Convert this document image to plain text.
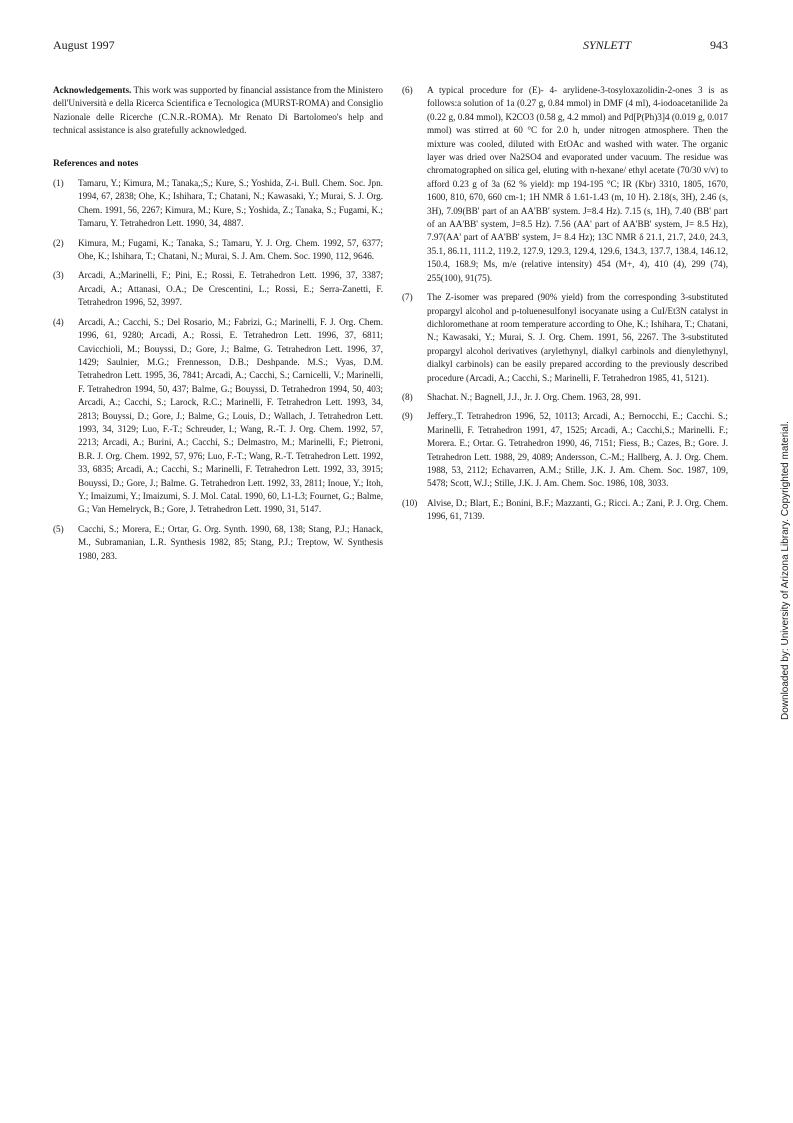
August 1997	SYNLETT	943

Acknowledgements. This work was supported by financial assistance from the Ministero dell'Università e della Ricerca Scientifica e Tecnologica (MURST-ROMA) and Consiglio Nazionale delle Ricerche (C.N.R.-ROMA). Mr Renato Di Bartolomeo's help and technical assistance is also gratefully acknowledged.

References and notes
(1)	Tamaru, Y.; Kimura, M.; Tanaka,;S,; Kure, S.; Yoshida, Z-i. Bull. Chem. Soc. Jpn. 1994, 67, 2838; Ohe, K.; Ishihara, T.; Chatani, N.; Kawasaki, Y.; Murai, S. J. Org. Chem. 1991, 56, 2267; Kimura, M.; Kure, S.; Yoshida, Z.; Tanaka, S.; Fugami, K.; Tamaru, Y. Tetrahedron Lett. 1990, 34, 4887.
(2)	Kimura, M.; Fugami, K.; Tanaka, S.; Tamaru, Y. J. Org. Chem. 1992, 57, 6377; Ohe, K.; Ishihara, T.; Chatani, N.; Murai, S. J. Am. Chem. Soc. 1990, 112, 9646.
(3)	Arcadi, A.;Marinelli, F.; Pini, E.; Rossi, E. Tetrahedron Lett. 1996, 37, 3387; Arcadi, A.; Attanasi, O.A.; De Crescentini, L.; Rossi, E.; Serra-Zanetti, F. Tetrahedron 1996, 52, 3997.
(4)	Arcadi, A.; Cacchi, S.; Del Rosario, M.; Fabrizi, G.; Marinelli, F. J. Org. Chem. 1996, 61, 9280; Arcadi, A.; Rossi, E. Tetrahedron Lett. 1996, 37, 6811; Cavicchioli, M.; Bouyssi, D.; Gore, J.; Balme, G. Tetrahedron Lett. 1996, 37, 1429; Saulnier, M.G.; Frennesson, D.B.; Deshpande. M.S.; Vyas, D.M. Tetrahedron Lett. 1995, 36, 7841; Arcadi, A.; Cacchi, S.; Carnicelli, V.; Marinelli, F. Tetrahedron 1994, 50, 437; Balme, G.; Bouyssi, D. Tetrahedron 1994, 50, 403; Arcadi, A.; Cacchi, S.; Larock, R.C.; Marinelli, F. Tetrahedron Lett. 1993, 34, 2813; Bouyssi, D.; Gore, J.; Balme, G.; Louis, D.; Wallach, J. Tetrahedron Lett. 1993, 34, 3129; Luo, F.-T.; Schreuder, I.; Wang, R.-T. J. Org. Chem. 1992, 57, 2213; Arcadi, A.; Burini, A.; Cacchi, S.; Delmastro, M.; Marinelli, F.; Pietroni, B.R. J. Org. Chem. 1992, 57, 976; Luo, F.-T.; Wang, R.-T. Tetrahedron Lett. 1992, 33, 6835; Arcadi, A.; Cacchi, S.; Marinelli, F. Tetrahedron Lett. 1992, 33, 3915; Bouyssi, D.; Gore, J.; Balme. G. Tetrahedron Lett. 1992, 33, 2811; Inoue, Y.; Itoh, Y.; Imaizumi, Y.; Imaizumi, S. J. Mol. Catal. 1990, 60, L1-L3; Fournet, G.; Balme, G.; Van Hemelryck, B.; Gore, J. Tetrahedron Lett. 1990, 31, 5147.
(5)	Cacchi, S.; Morera, E.; Ortar, G. Org. Synth. 1990, 68, 138; Stang, P.J.; Hanack, M., Subramanian, L.R. Synthesis 1982, 85; Stang, P.J.; Treptow, W. Synthesis 1980, 283.
(6)	A typical procedure for (E)- 4- arylidene-3-tosyloxazolidin-2-ones 3 is as follows:a solution of 1a (0.27 g, 0.84 mmol) in DMF (4 ml), 4-iodoacetanilide 2a (0.22 g, 0.84 mmol), K2CO3 (0.58 g, 4.2 mmol) and Pd[P(Ph)3]4 (0.019 g, 0.017 mmol) was stirred at 60 °C for 2.0 h, under nitrogen atmosphere. Then the mixture was cooled, diluted with EtOAc and washed with water. The organic layer was dried over Na2SO4 and evaporated under vacuum. The residue was chromatographed on silica gel, eluting with n-hexane/ ethyl acetate (70/30 v/v) to afford 0.23 g of 3a (62 % yield): mp 194-195 °C; IR (Kbr) 3310, 1805, 1670, 1600, 810, 670, 660 cm-1; 1H NMR δ 1.61-1.43 (m, 10 H). 2.18(s, 3H), 2.46 (s, 3H), 7.09(BB' part of an AA'BB' system. J=8.4 Hz). 7.15 (s, 1H), 7.40 (BB' part of an AA'BB' system, J=8.5 Hz). 7.56 (AA' part of AA'BB' system, J= 8.5 Hz), 7.97(AA' part of AA'BB' system, J= 8.4 Hz); 13C NMR δ 21.1, 21.7, 24.0, 24.3, 35.1, 86.11, 111.2, 119.2, 127.9, 129.3, 129.4, 129.6, 134.3, 137.7, 138.4, 146.12, 150.4, 168.9; Ms, m/e (relative intensity) 454 (M+, 4), 410 (4), 299 (74), 255(100), 91(75).
(7)	The Z-isomer was prepared (90% yield) from the corresponding 3-substituted propargyl alcohol and p-toluenesulfonyl isocyanate using a CuI/Et3N catalyst in dichloromethane at room temperature according to Ohe, K.; Ishihara, T.; Chatani, N.; Kawasaki, Y.; Murai, S. J. Org. Chem. 1991, 56, 2267. The 3-substituted propargyl alcohol derivatives (arylethynyl, dialkyl carbinols and dienylethynyl, dialkyl carbinols) can be easily prepared according to the previously described procedure (Arcadi, A.; Cacchi, S.; Marinelli, F. Tetrahedron 1985, 41, 5121).
(8)	Shachat. N.; Bagnell, J.J., Jr. J. Org. Chem. 1963, 28, 991.
(9)	Jeffery.,T. Tetrahedron 1996, 52, 10113; Arcadi, A.; Bernocchi, E.; Cacchi. S.; Marinelli, F. Tetrahedron 1991, 47, 1525; Arcadi, A.; Cacchi,S.; Marinelli. F.; Morera. E.; Ortar. G. Tetrahedron 1990, 46, 7151; Fiess, B.; Cazes, B.; Gore. J. Tetrahedron Lett. 1988, 29, 4089; Andersson, C.-M.; Hallberg, A. J. Org. Chem. 1988, 53, 2112; Echavarren, A.M.; Stille, J.K. J. Am. Chem. Soc. 1987, 109, 5478; Scott, W.J.; Stille, J.K. J. Am. Chem. Soc. 1986, 108, 3033.
(10)	Alvise, D.; Blart, E.; Bonini, B.F.; Mazzanti, G.; Ricci. A.; Zani, P. J. Org. Chem. 1996, 61, 7139.	Downloaded by: University of Arizona Library. Copyrighted material.
